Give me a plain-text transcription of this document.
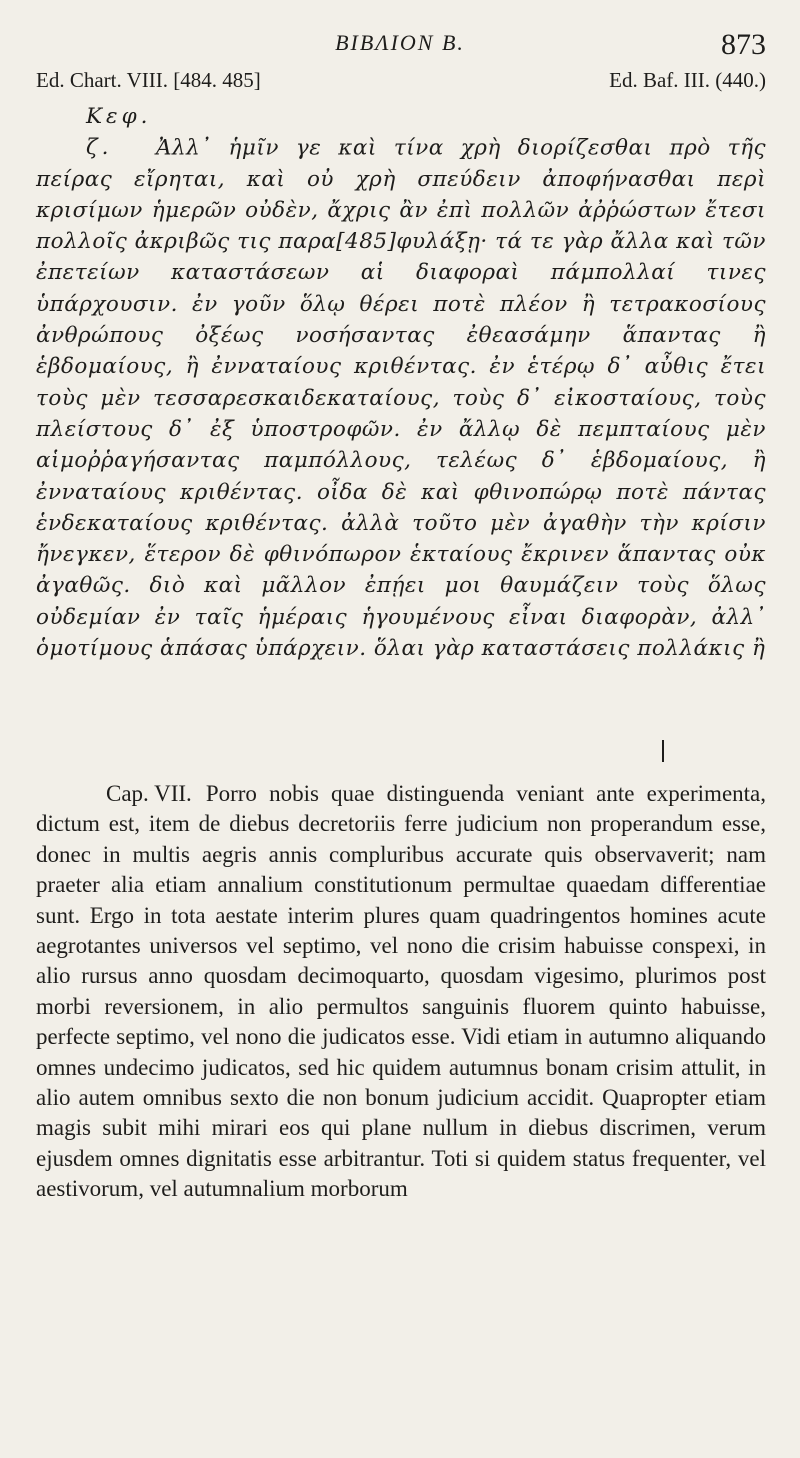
BIBΛΙΟΝ Β.	873
Ed. Chart. VIII. [484. 485]	Ed. Baf. III. (440.)

Κεφ. ζ. Ἀλλ᾽ ἡμῖν γε καὶ τίνα χρὴ διορίζεσθαι πρὸ τῆς πείρας εἴρηται, καὶ οὐ χρὴ σπεύδειν ἀποφήνασθαι περὶ κρισίμων ἡμερῶν οὐδὲν, ἄχρις ἂν ἐπὶ πολλῶν ἀῤῥώστων ἔτεσι πολλοῖς ἀκριβῶς τις παρα[485]φυλάξῃ· τά τε γὰρ ἄλλα καὶ τῶν ἐπετείων καταστάσεων αἱ διαφοραὶ πάμπολλαί τινες ὑπάρχουσιν. ἐν γοῦν ὅλῳ θέρει ποτὲ πλέον ἢ τετρακοσίους ἀνθρώπους ὀξέως νοσήσαντας ἐθεασάμην ἅπαντας ἢ ἑβδομαίους, ἢ ἐνναταίους κριθέντας. ἐν ἑτέρῳ δ᾽ αὖθις ἔτει τοὺς μὲν τεσσαρεσκαιδεκαταίους, τοὺς δ᾽ εἰκοσταίους, τοὺς πλείστους δ᾽ ἐξ ὑποστροφῶν. ἐν ἄλλῳ δὲ πεμπταίους μὲν αἱμοῤῥαγήσαντας παμπόλλους, τελέως δ᾽ ἑβδομαίους, ἢ ἐνναταίους κριθέντας. οἶδα δὲ καὶ φθινοπώρῳ ποτὲ πάντας ἑνδεκαταίους κριθέντας. ἀλλὰ τοῦτο μὲν ἀγαθὴν τὴν κρίσιν ἤνεγκεν, ἕτερον δὲ φθινόπωρον ἑκταίους ἔκρινεν ἅπαντας οὐκ ἀγαθῶς. διὸ καὶ μᾶλλον ἐπῄει μοι θαυμάζειν τοὺς ὅλως οὐδεμίαν ἐν ταῖς ἡμέραις ἡγουμένους εἶναι διαφορὰν, ἀλλ᾽ ὁμοτίμους ἁπάσας ὑπάρχειν. ὅλαι γὰρ καταστάσεις πολλάκις ἢ

Cap. VII. Porro nobis quae distinguenda veniant ante experimenta, dictum est, item de diebus decretoriis ferre judicium non properandum esse, donec in multis aegris annis compluribus accurate quis observaverit; nam praeter alia etiam annalium constitutionum permultae quaedam differentiae sunt. Ergo in tota aestate interim plures quam quadringentos homines acute aegrotantes universos vel septimo, vel nono die crisim habuisse conspexi, in alio rursus anno quosdam decimoquarto, quosdam vigesimo, plurimos post morbi reversionem, in alio permultos sanguinis fluorem quinto habuisse, perfecte septimo, vel nono die judicatos esse. Vidi etiam in autumno aliquando omnes undecimo judicatos, sed hic quidem autumnus bonam crisim attulit, in alio autem omnibus sexto die non bonum judicium accidit. Quapropter etiam magis subit mihi mirari eos qui plane nullum in diebus discrimen, verum ejusdem omnes dignitatis esse arbitrantur. Toti si quidem status frequenter, vel aestivorum, vel autumnalium morborum
